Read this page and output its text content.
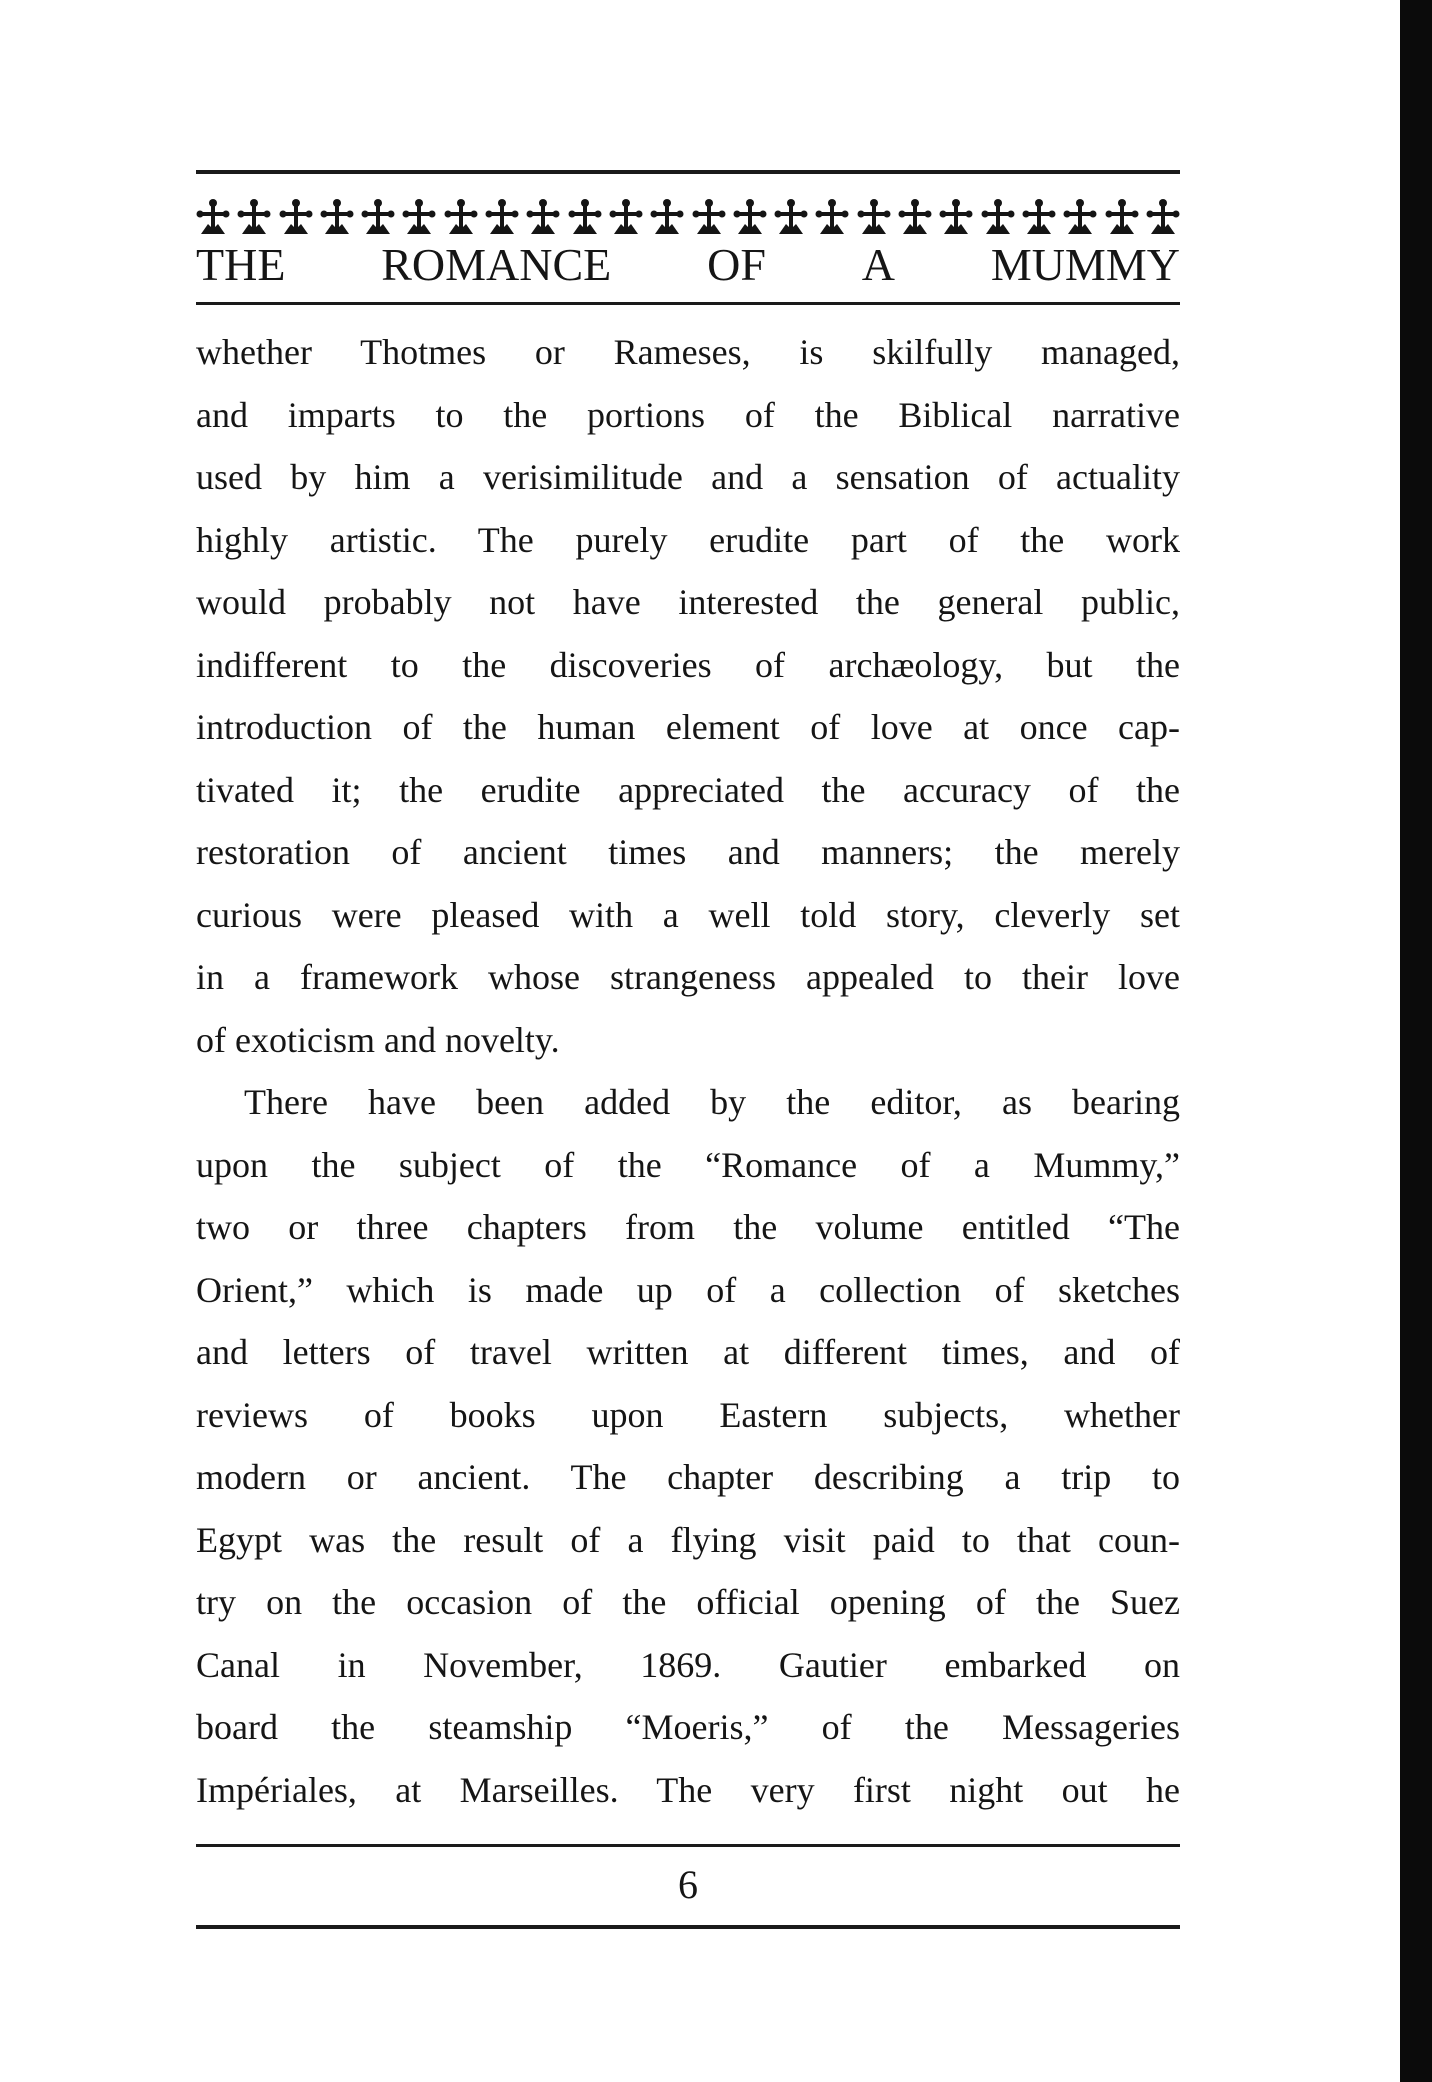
THE ROMANCE OF A MUMMY
whether Thotmes or Rameses, is skilfully managed,
and imparts to the portions of the Biblical narrative
used by him a verisimilitude and a sensation of actuality
highly artistic. The purely erudite part of the work
would probably not have interested the general public,
indifferent to the discoveries of archæology, but the
introduction of the human element of love at once cap-
tivated it; the erudite appreciated the accuracy of the
restoration of ancient times and manners; the merely
curious were pleased with a well told story, cleverly set
in a framework whose strangeness appealed to their love
of exoticism and novelty.
There have been added by the editor, as bearing
upon the subject of the “Romance of a Mummy,”
two or three chapters from the volume entitled “The
Orient,” which is made up of a collection of sketches
and letters of travel written at different times, and of
reviews of books upon Eastern subjects, whether
modern or ancient. The chapter describing a trip to
Egypt was the result of a flying visit paid to that coun-
try on the occasion of the official opening of the Suez
Canal in November, 1869. Gautier embarked on
board the steamship “Moeris,” of the Messageries
Impériales, at Marseilles. The very first night out he
6
